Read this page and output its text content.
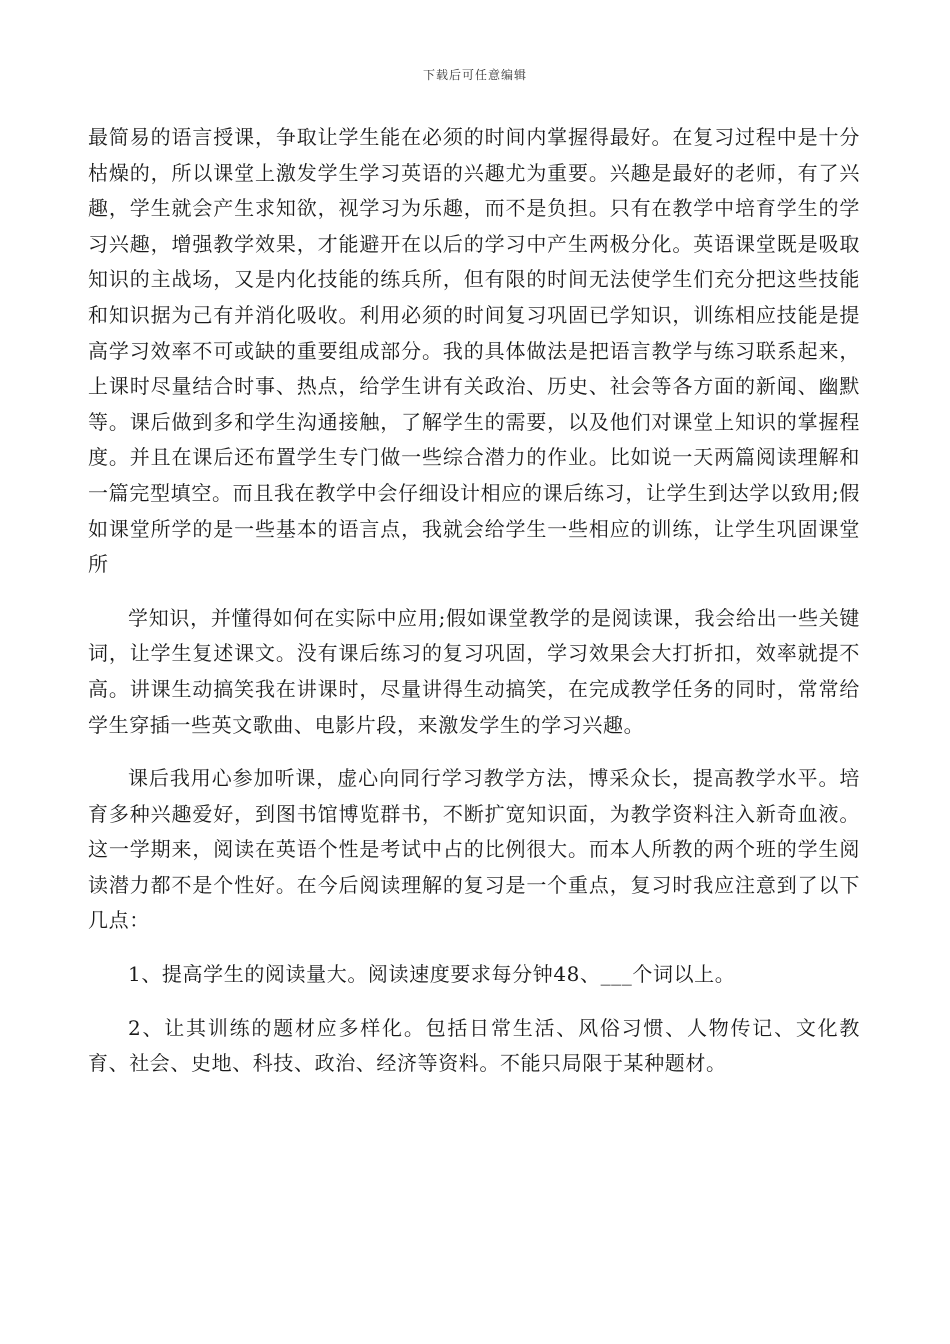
下载后可任意编辑

最简易的语言授课，争取让学生能在必须的时间内掌握得最好。在复习过程中是十分枯燥的，所以课堂上激发学生学习英语的兴趣尤为重要。兴趣是最好的老师，有了兴趣，学生就会产生求知欲，视学习为乐趣，而不是负担。只有在教学中培育学生的学习兴趣，增强教学效果，才能避开在以后的学习中产生两极分化。英语课堂既是吸取知识的主战场，又是内化技能的练兵所，但有限的时间无法使学生们充分把这些技能和知识据为己有并消化吸收。利用必须的时间复习巩固已学知识，训练相应技能是提高学习效率不可或缺的重要组成部分。我的具体做法是把语言教学与练习联系起来，上课时尽量结合时事、热点，给学生讲有关政治、历史、社会等各方面的新闻、幽默等。课后做到多和学生沟通接触，了解学生的需要，以及他们对课堂上知识的掌握程度。并且在课后还布置学生专门做一些综合潜力的作业。比如说一天两篇阅读理解和一篇完型填空。而且我在教学中会仔细设计相应的课后练习，让学生到达学以致用;假如课堂所学的是一些基本的语言点，我就会给学生一些相应的训练，让学生巩固课堂所

学知识，并懂得如何在实际中应用;假如课堂教学的是阅读课，我会给出一些关键词，让学生复述课文。没有课后练习的复习巩固，学习效果会大打折扣，效率就提不高。讲课生动搞笑我在讲课时，尽量讲得生动搞笑，在完成教学任务的同时，常常给学生穿插一些英文歌曲、电影片段，来激发学生的学习兴趣。

课后我用心参加听课，虚心向同行学习教学方法，博采众长，提高教学水平。培育多种兴趣爱好，到图书馆博览群书，不断扩宽知识面，为教学资料注入新奇血液。这一学期来，阅读在英语个性是考试中占的比例很大。而本人所教的两个班的学生阅读潜力都不是个性好。在今后阅读理解的复习是一个重点，复习时我应注意到了以下几点：

1、提高学生的阅读量大。阅读速度要求每分钟48、___个词以上。

2、让其训练的题材应多样化。包括日常生活、风俗习惯、人物传记、文化教育、社会、史地、科技、政治、经济等资料。不能只局限于某种题材。
